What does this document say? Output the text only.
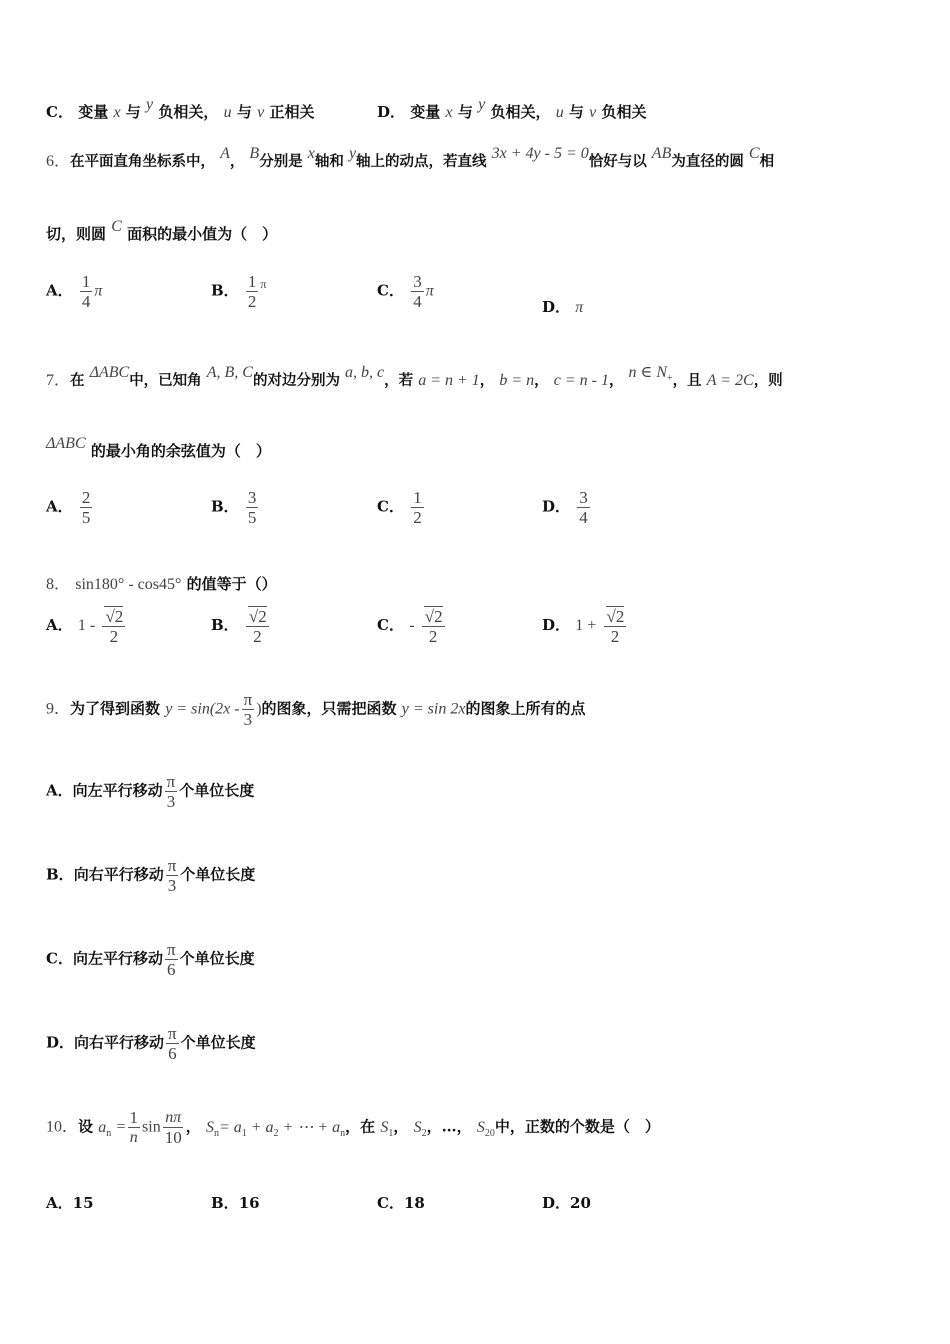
C． 变量 x 与 y 负相关， u 与 v 正相关	D． 变量 x 与 y 负相关， u 与 v 负相关
6．在平面直角坐标系中， A， B分别是 x轴和 y轴上的动点，若直线 3x + 4y - 5 = 0恰好与以 AB为直径的圆 C相
切，则圆 C 面积的最小值为（　）
A． $\frac{1}{4}$ π	B． $\frac{1}{2} ^\pi$	C． $\frac{3}{4}$ π
D． π
7．在 ΔABC中，已知角 A, B, C的对边分别为 a, b, c，若 a = n + 1， b = n， c = n - 1， n ∈ $N_+$，且 A = 2C，则
ΔABC 的最小角的余弦值为（　）
A． $\frac{2}{5}$	B． $\frac{3}{5}$	C． $\frac{1}{2}$	D． $\frac{3}{4}$
8． sin180° - cos45° 的值等于（）
A． $1 - \frac{√2}{2}$	B． $\frac{√2}{2}$	C． - $\frac{√2}{2}$	D． $1 + \frac{√2}{2}$
9．为了得到函数 $y = \sin(2x - \frac{\pi}{3}$ )的图象，只需把函数 y = sin 2x的图象上所有的点
A．向左平行移动 $\frac{\pi}{3}$ 个单位长度
B．向右平行移动 $\frac{\pi}{3}$ 个单位长度
C．向左平行移动 $\frac{\pi}{6}$ 个单位长度
D．向右平行移动 $\frac{\pi}{6}$ 个单位长度
10．设 $a_n = \frac{1}{n}$ $\sin \frac{n\pi}{10}$ ， $S_n= a_1 + a_2$ + ⋯ + $a_n$，在 $S_1$， $S_2$，…， $S_{20}$中，正数的个数是（　）
A．15	B．16	C．18	D．20
